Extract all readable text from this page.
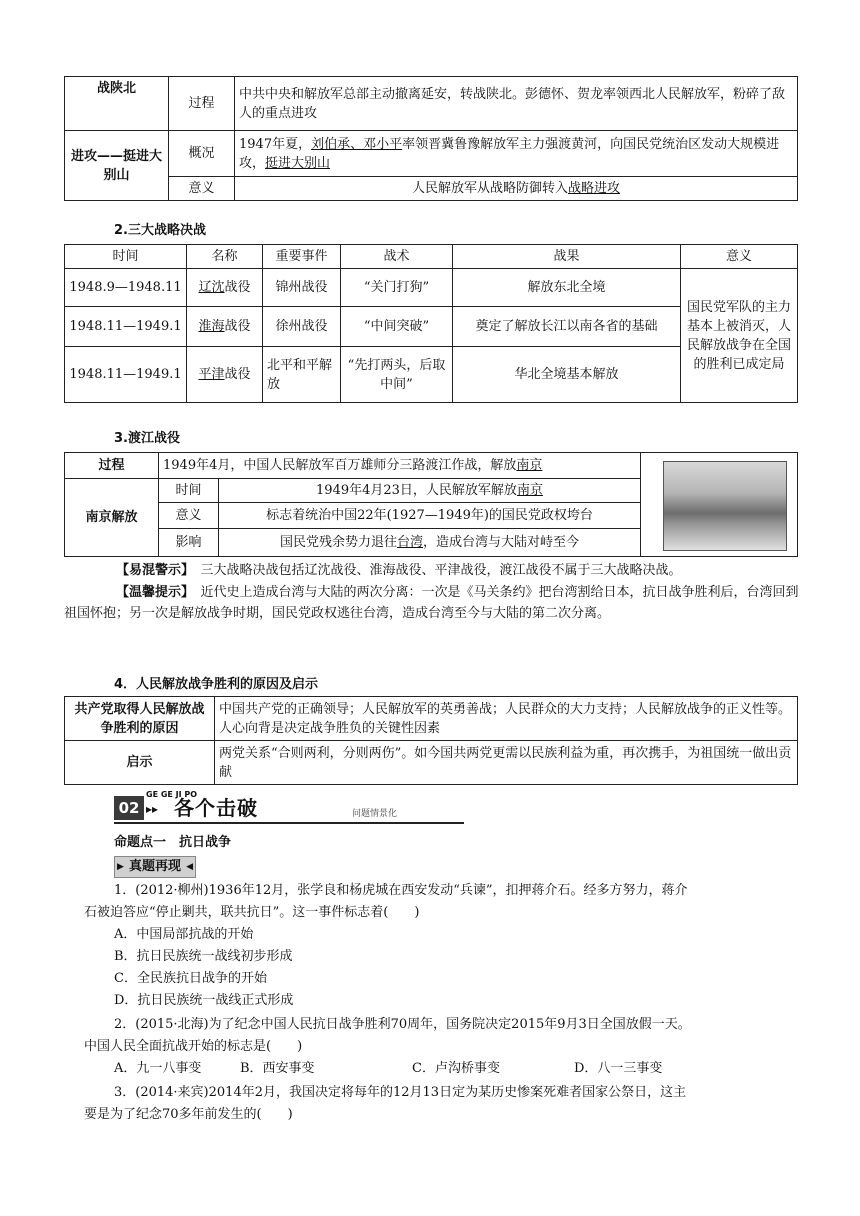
战陕北	过程	中共中央和解放军总部主动撤离延安，转战陕北。彭德怀、贺龙率领西北人民解放军，粉碎了敌人的重点进攻
进攻——挺进大别山	概况	1947年夏，刘伯承、邓小平率领晋冀鲁豫解放军主力强渡黄河，向国民党统治区发动大规模进攻，挺进大别山
	意义	人民解放军从战略防御转入战略进攻
2.三大战略决战
时间	名称	重要事件	战术	战果	意义
1948.9—1948.11	辽沈战役	锦州战役	“关门打狗”	解放东北全境	国民党军队的主力基本上被消灭，人民解放战争在全国的胜利已成定局
1948.11—1949.1	淮海战役	徐州战役	“中间突破”	奠定了解放长江以南各省的基础	
1948.11—1949.1	平津战役	北平和平解放	“先打两头，后取中间”	华北全境基本解放	
3.渡江战役
过程	1949年4月，中国人民解放军百万雄师分三路渡江作战，解放南京		

南京解放	时间	1949年4月23日，人民解放军解放南京	
	意义	标志着统治中国22年(1927—1949年)的国民党政权垮台	
	影响	国民党残余势力退往台湾，造成台湾与大陆对峙至今	
【易混警示】　 三大战略决战包括辽沈战役、淮海战役、平津战役，渡江战役不属于三大战略决战。
【温馨提示】　 近代史上造成台湾与大陆的两次分离：一次是《马关条约》把台湾割给日本，抗日战争胜利后，台湾回到祖国怀抱；另一次是解放战争时期，国民党政权逃往台湾，造成台湾至今与大陆的第二次分离。
4．人民解放战争胜利的原因及启示
共产党取得人民解放战争胜利的原因	中国共产党的正确领导；人民解放军的英勇善战；人民群众的大力支持；人民解放战争的正义性等。人心向背是决定战争胜负的关键性因素
启示	两党关系“合则两利，分则两伤”。如今国共两党更需以民族利益为重，再次携手，为祖国统一做出贡献
02 ▸▸
GE GE JI PO
各个击破	问题情景化
命题点一　抗日战争
▶ 真题再现 ◀
1．(2012·柳州)1936年12月，张学良和杨虎城在西安发动“兵谏”，扣押蒋介石。经多方努力，蒋介
石被迫答应“停止剿共，联共抗日”。这一事件标志着(　　)
A．中国局部抗战的开始
B．抗日民族统一战线初步形成
C．全民族抗日战争的开始
D．抗日民族统一战线正式形成
2．(2015·北海)为了纪念中国人民抗日战争胜利70周年，国务院决定2015年9月3日全国放假一天。
中国人民全面抗战开始的标志是(　　)
A．九一八事变	B．西安事变	C．卢沟桥事变	D．八一三事变
3．(2014·来宾)2014年2月，我国决定将每年的12月13日定为某历史惨案死难者国家公祭日，这主
要是为了纪念70多年前发生的(　　)
